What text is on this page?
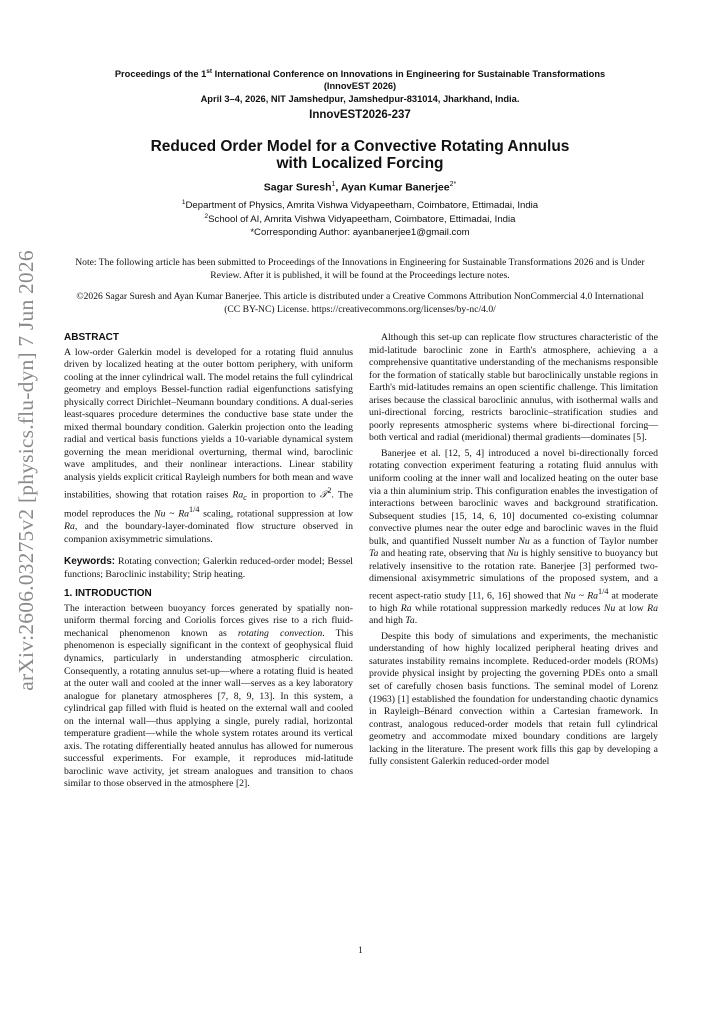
arXiv:2606.03275v2 [physics.flu-dyn] 7 Jun 2026
Proceedings of the 1st International Conference on Innovations in Engineering for Sustainable Transformations
(InnovEST 2026)
April 3–4, 2026, NIT Jamshedpur, Jamshedpur-831014, Jharkhand, India.
InnovEST2026-237
Reduced Order Model for a Convective Rotating Annulus
with Localized Forcing
Sagar Suresh$^1$, Ayan Kumar Banerjee$^{2*}$
$^1$Department of Physics, Amrita Vishwa Vidyapeetham, Coimbatore, Ettimadai, India
$^2$School of AI, Amrita Vishwa Vidyapeetham, Coimbatore, Ettimadai, India
*Corresponding Author: ayanbanerjee1@gmail.com
Note: The following article has been submitted to Proceedings of the Innovations in Engineering for Sustainable Transformations 2026 and is Under Review. After it is published, it will be found at the Proceedings lecture notes.
©2026 Sagar Suresh and Ayan Kumar Banerjee. This article is distributed under a Creative Commons Attribution NonCommercial 4.0 International (CC BY-NC) License. https://creativecommons.org/licenses/by-nc/4.0/
ABSTRACT

A low-order Galerkin model is developed for a rotating fluid annulus driven by localized heating at the outer bottom periphery, with uniform cooling at the inner cylindrical wall. The model retains the full cylindrical geometry and employs Bessel-function radial eigenfunctions satisfying physically correct Dirichlet–Neumann boundary conditions. A dual-series least-squares procedure determines the conductive base state under the mixed thermal boundary condition. Galerkin projection onto the leading radial and vertical basis functions yields a 10-variable dynamical system governing the mean meridional overturning, thermal wind, baroclinic wave amplitudes, and their nonlinear interactions. Linear stability analysis yields explicit critical Rayleigh numbers for both mean and wave instabilities, showing that rotation raises $Ra_c$ in proportion to 𝒯$^2$. The model reproduces the Nu ~ $Ra^{1/4}$ scaling, rotational suppression at low Ra, and the boundary-layer-dominated flow structure observed in companion axisymmetric simulations.

Keywords: Rotating convection; Galerkin reduced-order model; Bessel functions; Baroclinic instability; Strip heating.

1. INTRODUCTION

The interaction between buoyancy forces generated by spatially non-uniform thermal forcing and Coriolis forces gives rise to a rich fluid-mechanical phenomenon known as rotating convection. This phenomenon is especially significant in the context of geophysical fluid dynamics, particularly in understanding atmospheric circulation. Consequently, a rotating annulus set-up—where a rotating fluid is heated at the outer wall and cooled at the inner wall—serves as a key laboratory analogue for planetary atmospheres [7, 8, 9, 13]. In this system, a cylindrical gap filled with fluid is heated on the external wall and cooled on the internal wall—thus applying a single, purely radial, horizontal temperature gradient—while the whole system rotates around its vertical axis. The rotating differentially heated annulus has allowed for numerous successful experiments. For example, it reproduces mid-latitude baroclinic wave activity, jet stream analogues and transition to chaos similar to those observed in the atmosphere [2].

Although this set-up can replicate flow structures characteristic of the mid-latitude baroclinic zone in Earth's atmosphere, achieving a a comprehensive quantitative understanding of the mechanisms responsible for the formation of statically stable but baroclinically unstable regions in Earth's mid-latitudes remains an open scientific challenge. This limitation arises because the classical baroclinic annulus, with isothermal walls and uni-directional forcing, restricts baroclinic–stratification studies and poorly represents atmospheric systems where bi-directional forcing—both vertical and radial (meridional) thermal gradients—dominates [5].

Banerjee et al. [12, 5, 4] introduced a novel bi-directionally forced rotating convection experiment featuring a rotating fluid annulus with uniform cooling at the inner wall and localized heating on the outer base via a thin aluminium strip. This configuration enables the investigation of interactions between baroclinic waves and background stratification. Subsequent studies [15, 14, 6, 10] documented co-existing columnar convective plumes near the outer edge and baroclinic waves in the fluid bulk, and quantified Nusselt number Nu as a function of Taylor number Ta and heating rate, observing that Nu is highly sensitive to buoyancy but relatively insensitive to the rotation rate. Banerjee [3] performed two-dimensional axisymmetric simulations of the proposed system, and a recent aspect-ratio study [11, 6, 16] showed that Nu ~ $Ra^{1/4}$ at moderate to high Ra while rotational suppression markedly reduces Nu at low Ra and high Ta.

Despite this body of simulations and experiments, the mechanistic understanding of how highly localized peripheral heating drives and saturates instability remains incomplete. Reduced-order models (ROMs) provide physical insight by projecting the governing PDEs onto a small set of carefully chosen basis functions. The seminal model of Lorenz (1963) [1] established the foundation for understanding chaotic dynamics in Rayleigh–Bénard convection within a Cartesian framework. In contrast, analogous reduced-order models that retain full cylindrical geometry and accommodate mixed boundary conditions are largely lacking in the literature. The present work fills this gap by developing a fully consistent Galerkin reduced-order model

1
